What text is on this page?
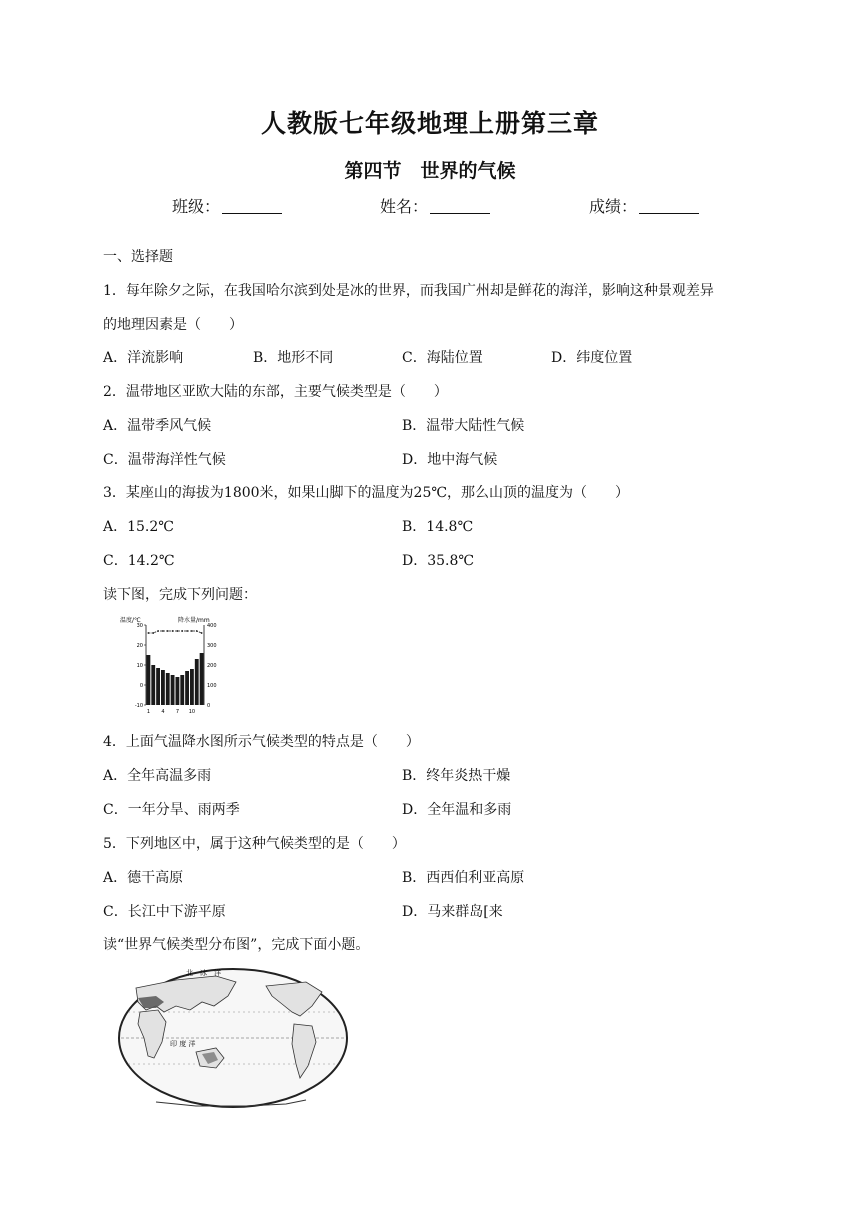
人教版七年级地理上册第三章
第四节　世界的气候
班级：	姓名：	成绩：
一、选择题
1．每年除夕之际，在我国哈尔滨到处是冰的世界，而我国广州却是鲜花的海洋，影响这种景观差异
的地理因素是（　　）
A．洋流影响	B．地形不同	C．海陆位置	D．纬度位置
2．温带地区亚欧大陆的东部，主要气候类型是（　　）
A．温带季风气候	B．温带大陆性气候
C．温带海洋性气候	D．地中海气候
3．某座山的海拔为1800米，如果山脚下的温度为25℃，那么山顶的温度为（　　）
A．15.2℃	B．14.8℃
C．14.2℃	D．35.8℃
读下图，完成下列问题：
温度/℃	降水量/mm
30
20
10
0
-10
400
300
200
100
0
1 4 7 10
4．上面气温降水图所示气候类型的特点是（　　）
A．全年高温多雨	B．终年炎热干燥
C．一年分旱、雨两季	D．全年温和多雨
5．下列地区中，属于这种气候类型的是（　　）
A．德干高原	B．西西伯利亚高原
C．长江中下游平原	D．马来群岛[来
读“世界气候类型分布图”，完成下面小题。
北　冰　洋
印 度 洋
